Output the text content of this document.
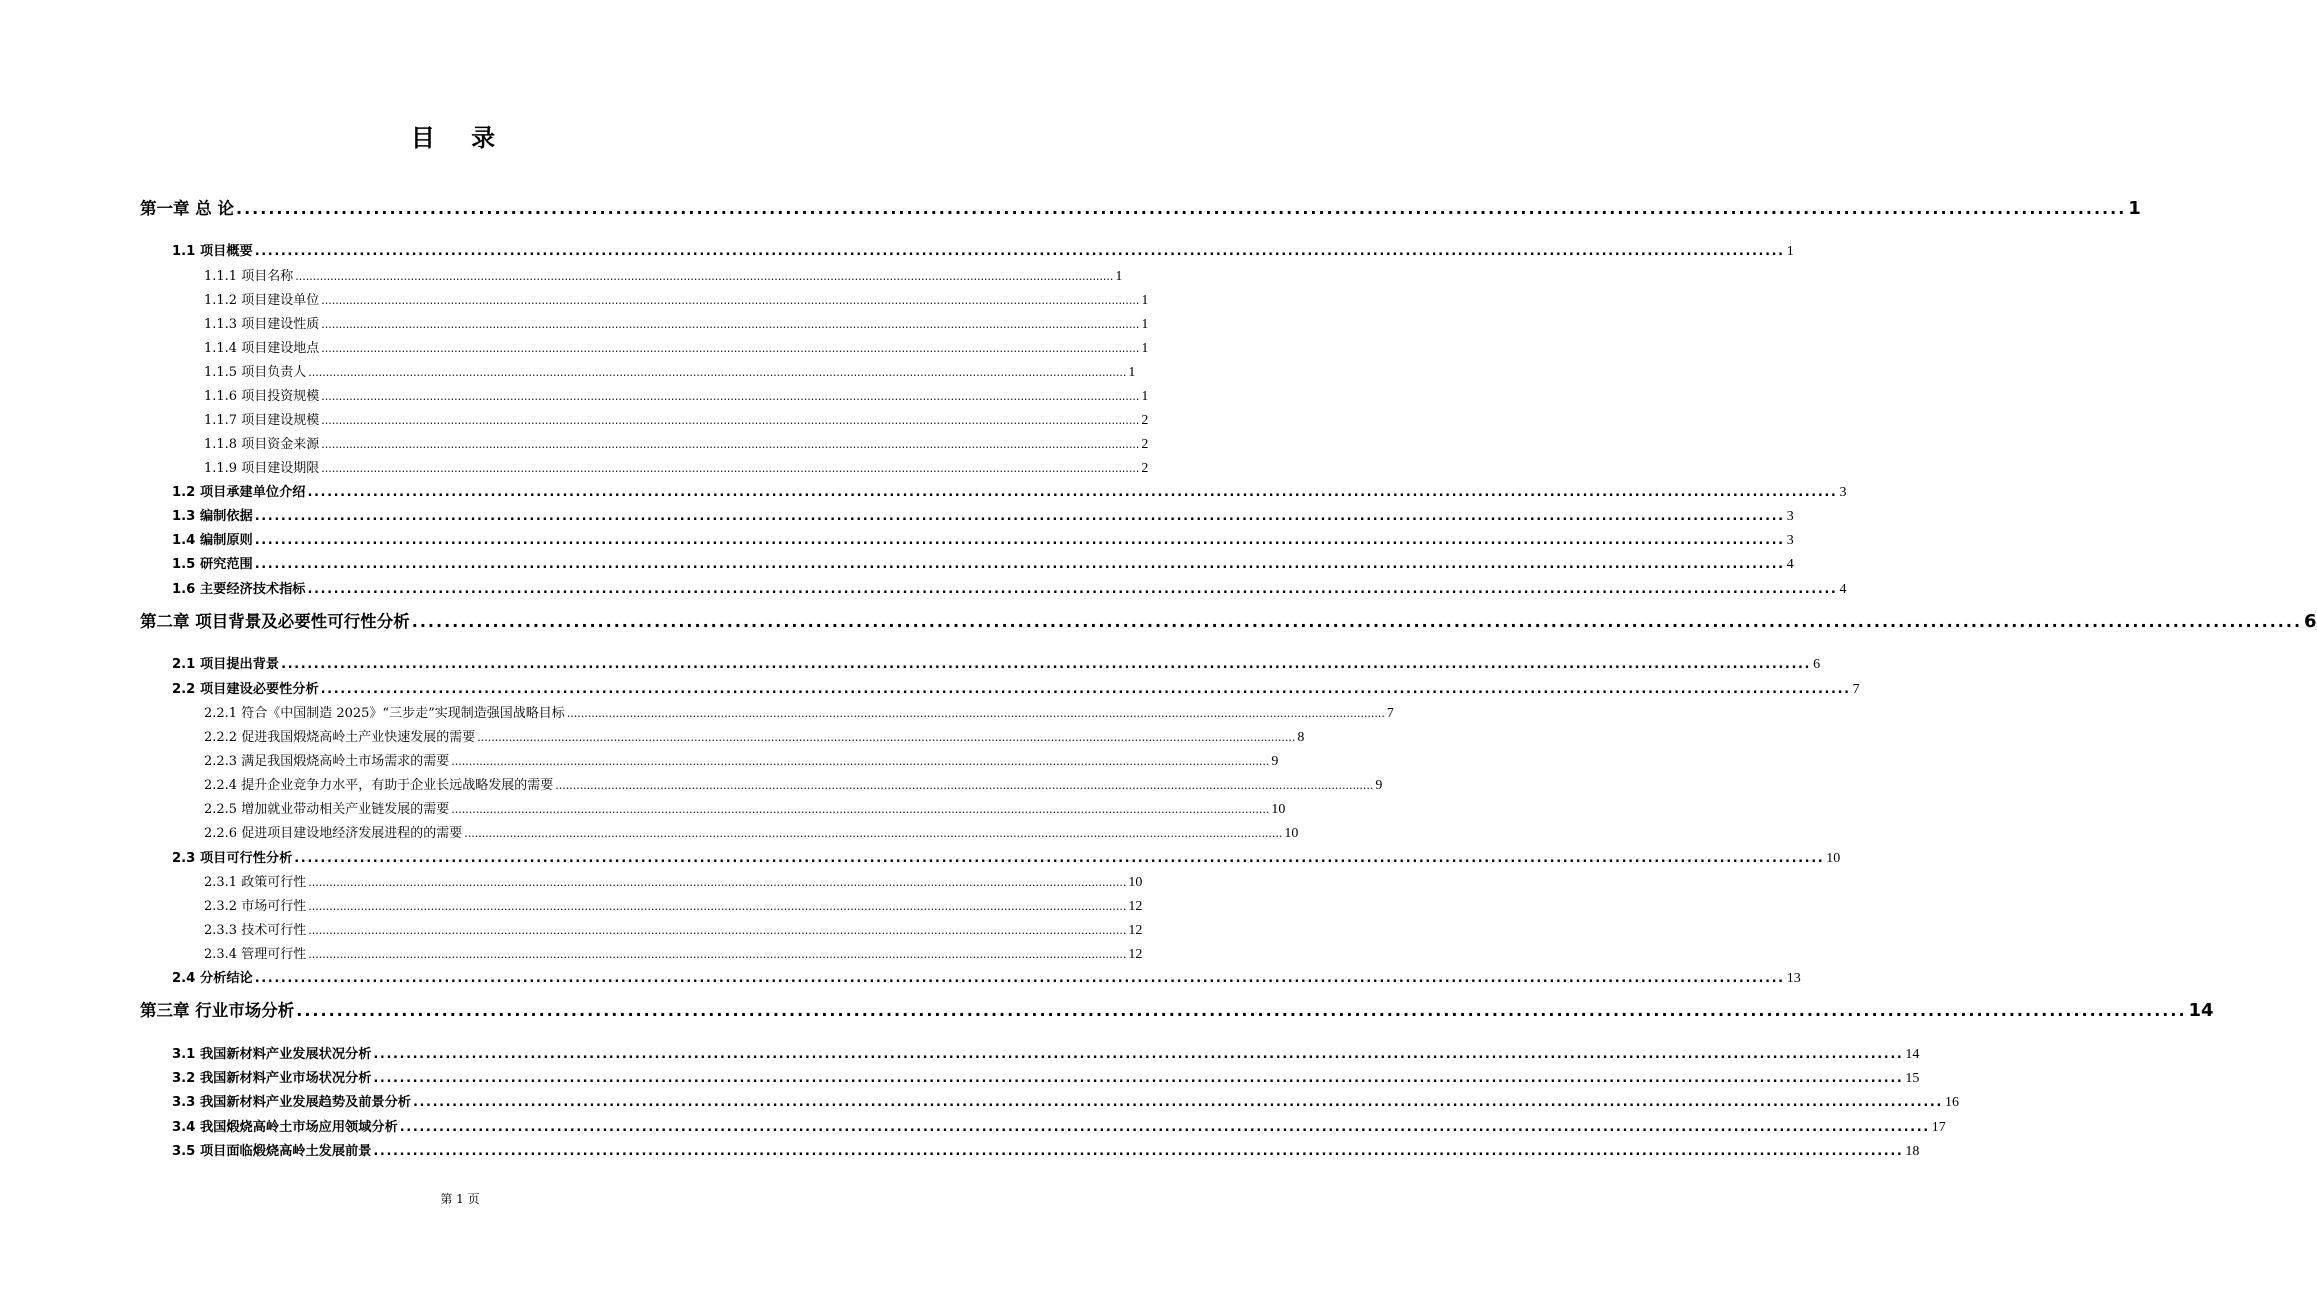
目 录
第一章 总 论 .......................................................................................................................................................................................................................................... 1
1.1 项目概要 .......................................................................................................................................................................................................................................... 1
1.1.1 项目名称 .......................................................................................................................................................................................................................................... 1
1.1.2 项目建设单位 .......................................................................................................................................................................................................................................... 1
1.1.3 项目建设性质 .......................................................................................................................................................................................................................................... 1
1.1.4 项目建设地点 .......................................................................................................................................................................................................................................... 1
1.1.5 项目负责人 .......................................................................................................................................................................................................................................... 1
1.1.6 项目投资规模 .......................................................................................................................................................................................................................................... 1
1.1.7 项目建设规模 .......................................................................................................................................................................................................................................... 2
1.1.8 项目资金来源 .......................................................................................................................................................................................................................................... 2
1.1.9 项目建设期限 .......................................................................................................................................................................................................................................... 2
1.2 项目承建单位介绍 .......................................................................................................................................................................................................................................... 3
1.3 编制依据 .......................................................................................................................................................................................................................................... 3
1.4 编制原则 .......................................................................................................................................................................................................................................... 3
1.5 研究范围 .......................................................................................................................................................................................................................................... 4
1.6 主要经济技术指标 .......................................................................................................................................................................................................................................... 4
第二章 项目背景及必要性可行性分析 .......................................................................................................................................................................................................................................... 6
2.1 项目提出背景 .......................................................................................................................................................................................................................................... 6
2.2 项目建设必要性分析 .......................................................................................................................................................................................................................................... 7
2.2.1 符合《中国制造 2025》“三步走”实现制造强国战略目标 .......................................................................................................................................................................................................................................... 7
2.2.2 促进我国煅烧高岭土产业快速发展的需要 .......................................................................................................................................................................................................................................... 8
2.2.3 满足我国煅烧高岭土市场需求的需要 .......................................................................................................................................................................................................................................... 9
2.2.4 提升企业竞争力水平，有助于企业长远战略发展的需要 .......................................................................................................................................................................................................................................... 9
2.2.5 增加就业带动相关产业链发展的需要 .......................................................................................................................................................................................................................................... 10
2.2.6 促进项目建设地经济发展进程的的需要 .......................................................................................................................................................................................................................................... 10
2.3 项目可行性分析 .......................................................................................................................................................................................................................................... 10
2.3.1 政策可行性 .......................................................................................................................................................................................................................................... 10
2.3.2 市场可行性 .......................................................................................................................................................................................................................................... 12
2.3.3 技术可行性 .......................................................................................................................................................................................................................................... 12
2.3.4 管理可行性 .......................................................................................................................................................................................................................................... 12
2.4 分析结论 .......................................................................................................................................................................................................................................... 13
第三章 行业市场分析 .......................................................................................................................................................................................................................................... 14
3.1 我国新材料产业发展状况分析 .......................................................................................................................................................................................................................................... 14
3.2 我国新材料产业市场状况分析 .......................................................................................................................................................................................................................................... 15
3.3 我国新材料产业发展趋势及前景分析 .......................................................................................................................................................................................................................................... 16
3.4 我国煅烧高岭土市场应用领域分析 .......................................................................................................................................................................................................................................... 17
3.5 项目面临煅烧高岭土发展前景 .......................................................................................................................................................................................................................................... 18
第 1 页
